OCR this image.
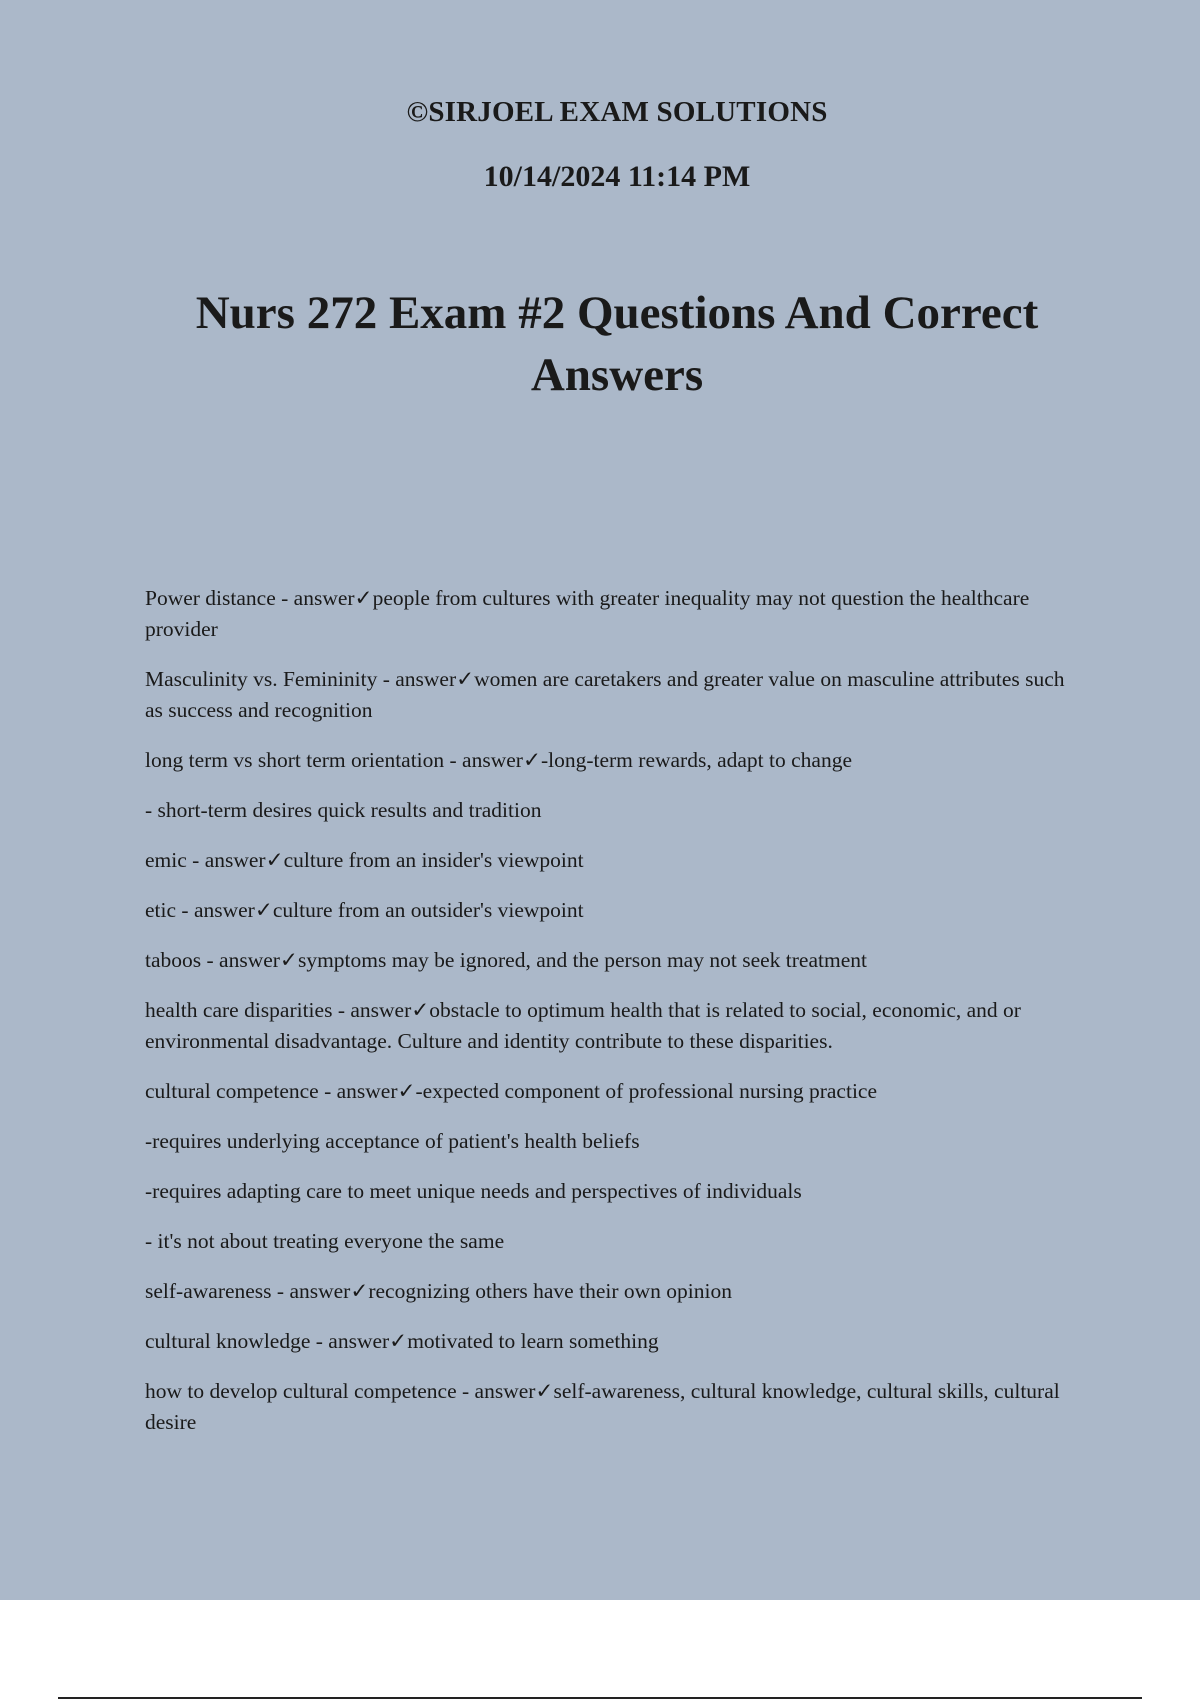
©SIRJOEL EXAM SOLUTIONS
10/14/2024 11:14 PM
Nurs 272 Exam #2 Questions And Correct Answers
Power distance - answer✓people from cultures with greater inequality may not question the healthcare provider
Masculinity vs. Femininity - answer✓women are caretakers and greater value on masculine attributes such as success and recognition
long term vs short term orientation - answer✓-long-term rewards, adapt to change
- short-term desires quick results and tradition
emic - answer✓culture from an insider's viewpoint
etic - answer✓culture from an outsider's viewpoint
taboos - answer✓symptoms may be ignored, and the person may not seek treatment
health care disparities - answer✓obstacle to optimum health that is related to social, economic, and or environmental disadvantage. Culture and identity contribute to these disparities.
cultural competence - answer✓-expected component of professional nursing practice
-requires underlying acceptance of patient's health beliefs
-requires adapting care to meet unique needs and perspectives of individuals
- it's not about treating everyone the same
self-awareness - answer✓recognizing others have their own opinion
cultural knowledge - answer✓motivated to learn something
how to develop cultural competence - answer✓self-awareness, cultural knowledge, cultural skills, cultural desire
